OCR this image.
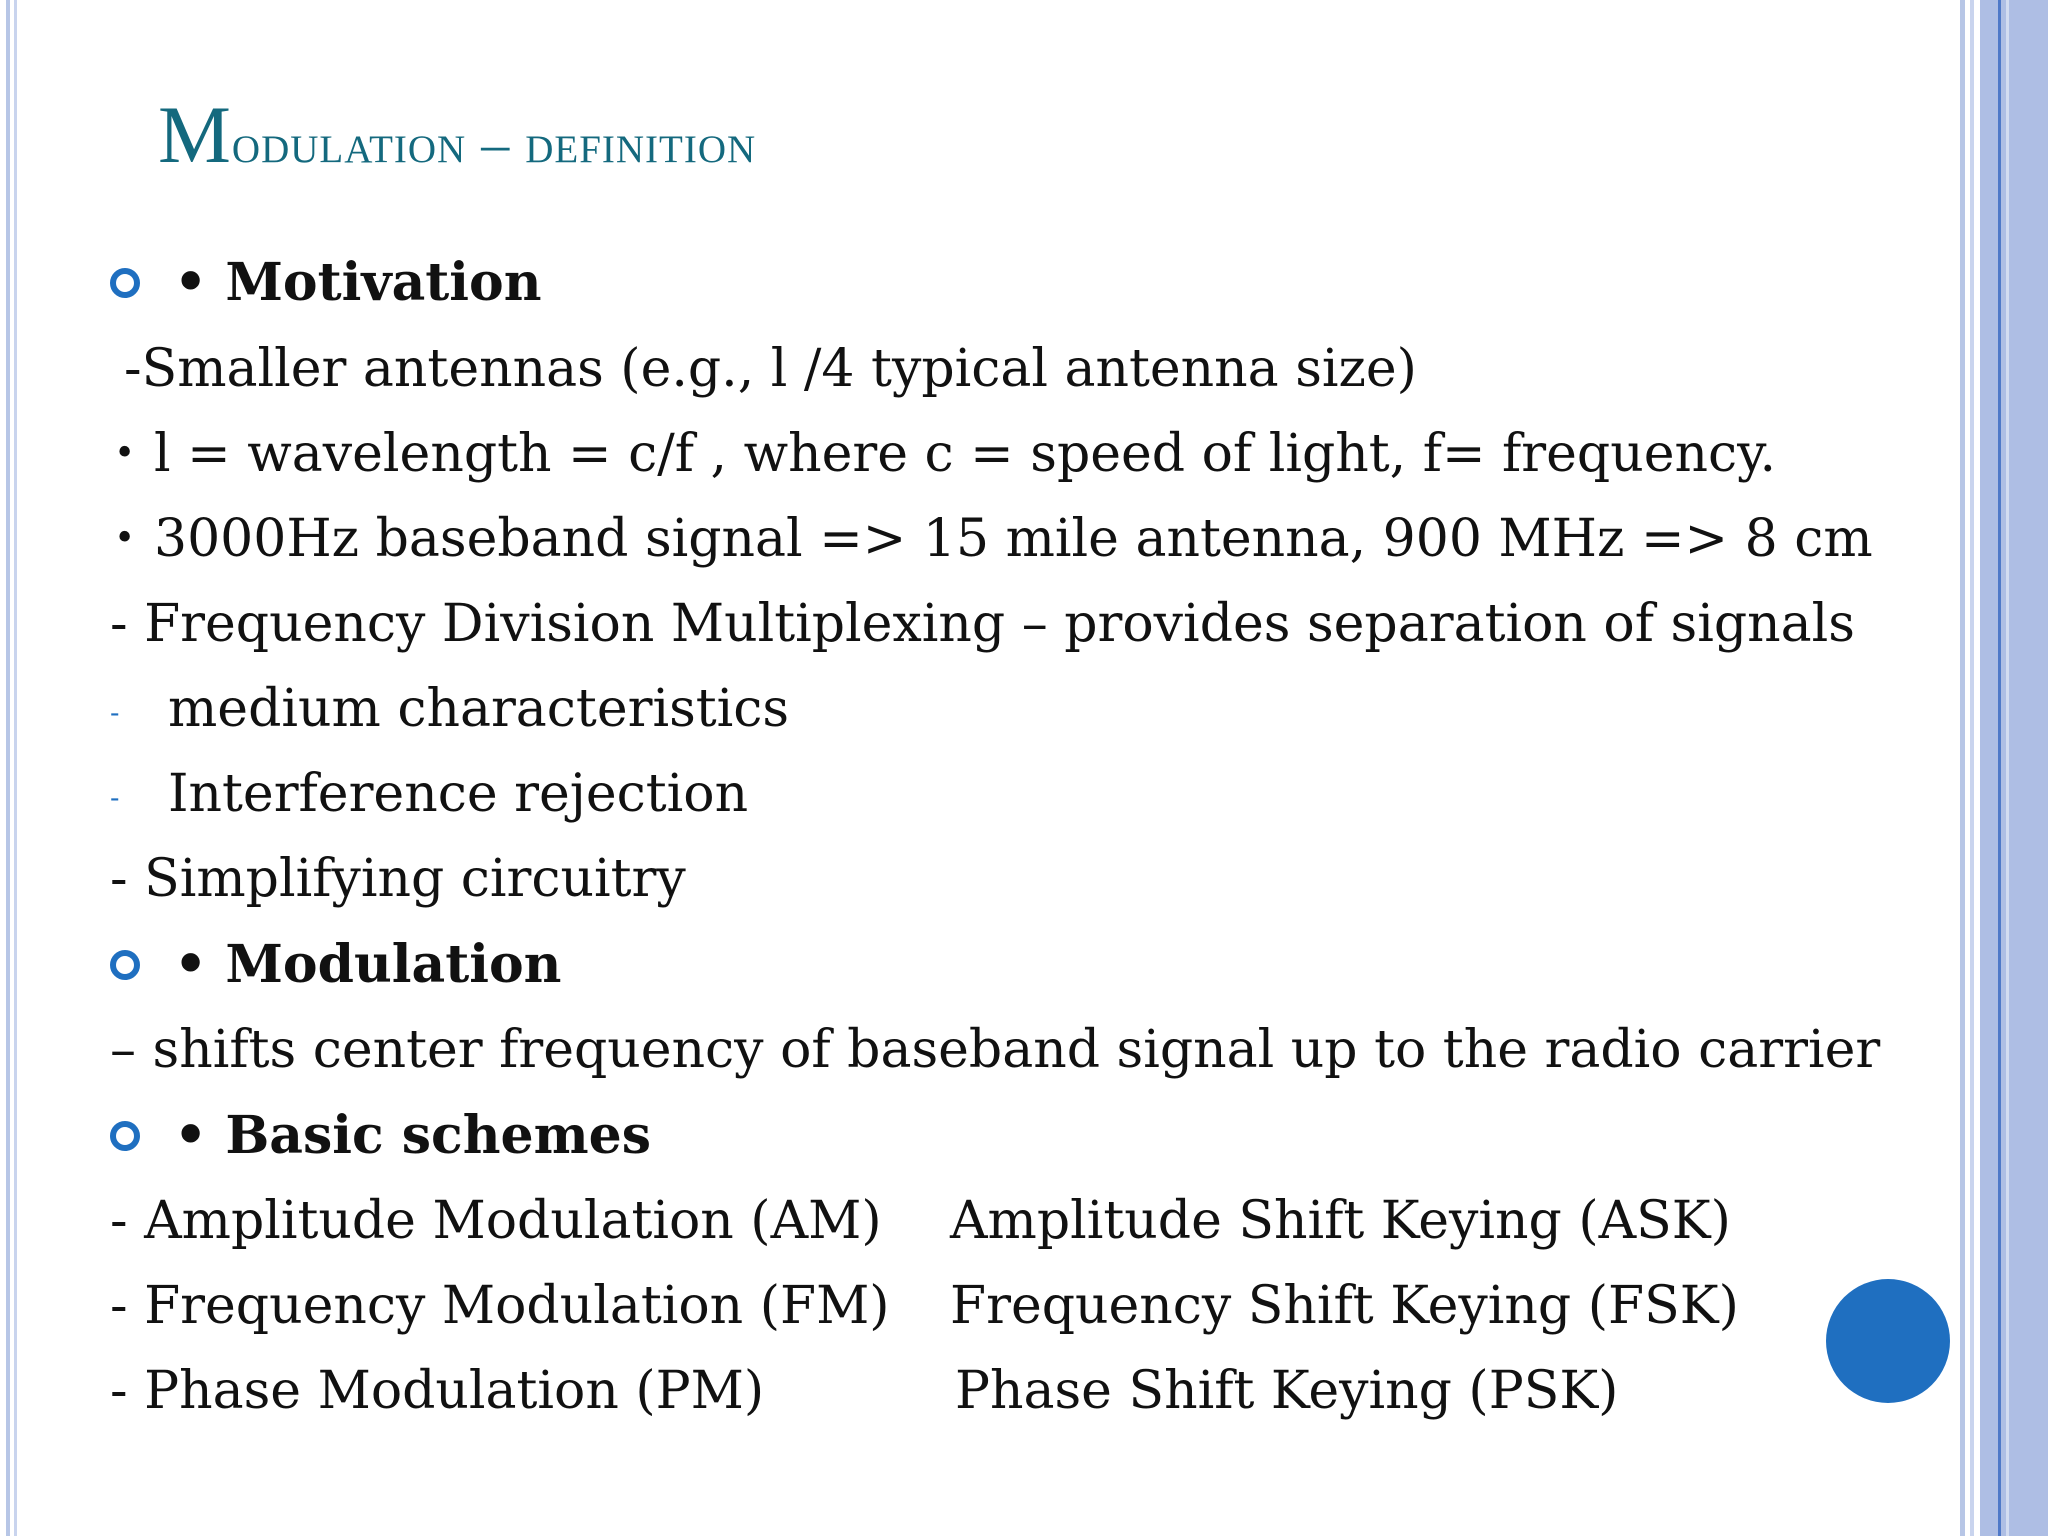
Modulation – definition
• Motivation
-Smaller antennas (e.g., l /4 typical antenna size)
• l = wavelength = c/f , where c = speed of light, f= frequency.
• 3000Hz baseband signal => 15 mile antenna, 900 MHz => 8 cm
- Frequency Division Multiplexing – provides separation of signals
- medium characteristics
- Interference rejection
- Simplifying circuitry
• Modulation
– shifts center frequency of baseband signal up to the radio carrier
• Basic schemes
- Amplitude Modulation (AM) Amplitude Shift Keying (ASK)
- Frequency Modulation (FM) Frequency Shift Keying (FSK)
- Phase Modulation (PM)	Phase Shift Keying (PSK)
